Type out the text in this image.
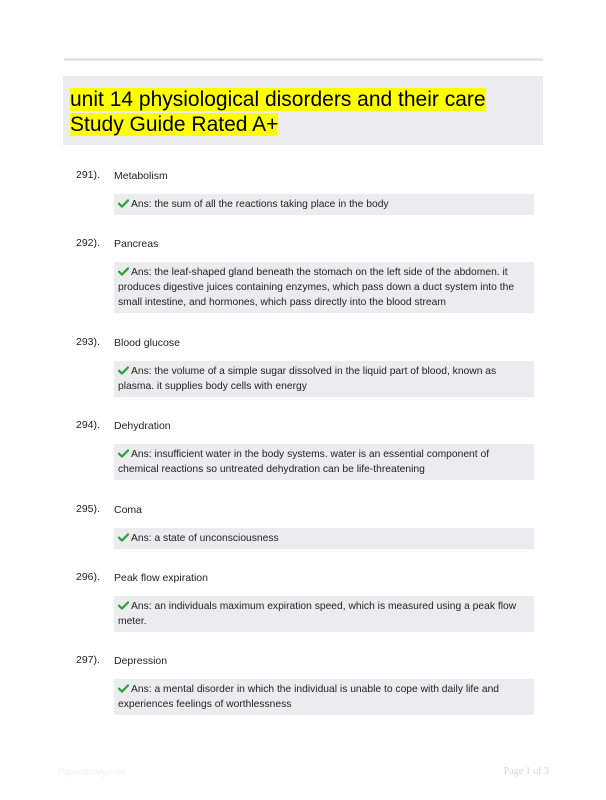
unit 14 physiological disorders and their care
Study Guide Rated A+
291). Metabolism
Ans: the sum of all the reactions taking place in the body
292). Pancreas
Ans: the leaf-shaped gland beneath the stomach on the left side of the abdomen. it produces digestive juices containing enzymes, which pass down a duct system into the small intestine, and hormones, which pass directly into the blood stream
293). Blood glucose
Ans: the volume of a simple sugar dissolved in the liquid part of blood, known as plasma. it supplies body cells with energy
294). Dehydration
Ans: insufficient water in the body systems. water is an essential component of chemical reactions so untreated dehydration can be life-threatening
295). Coma
Ans: a state of unconsciousness
296). Peak flow expiration
Ans: an individuals maximum expiration speed, which is measured using a peak flow meter.
297). Depression
Ans: a mental disorder in which the individual is unable to cope with daily life and experiences feelings of worthlessness
Paperlibrary.com	Page 1 of 3
